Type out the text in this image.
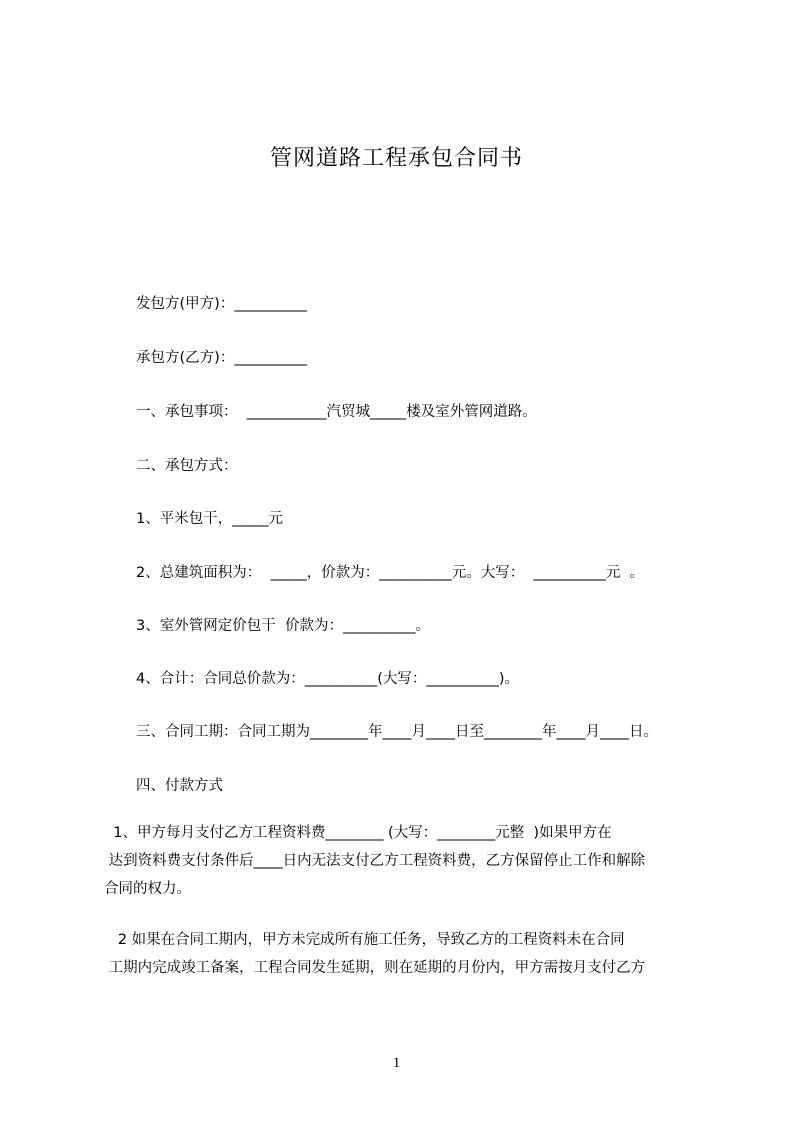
管网道路工程承包合同书
发包方(甲方)：__________
承包方(乙方)：__________
一、承包事项：  ___________汽贸城_____楼及室外管网道路。
二、承包方式：
1、平米包干，_____元
2、总建筑面积为：  _____，价款为：__________元。大写：  __________元  。
3、室外管网定价包干  价款为：__________。
4、合计：合同总价款为：__________(大写：__________)。
三、合同工期：合同工期为________年____月____日至________年____月____日。
四、付款方式
1、甲方每月支付乙方工程资料费________ (大写：________元整  )如果甲方在
达到资料费支付条件后____日内无法支付乙方工程资料费，乙方保留停止工作和解除
合同的权力。
2 如果在合同工期内，甲方未完成所有施工任务，导致乙方的工程资料未在合同
工期内完成竣工备案，工程合同发生延期，则在延期的月份内，甲方需按月支付乙方
1
